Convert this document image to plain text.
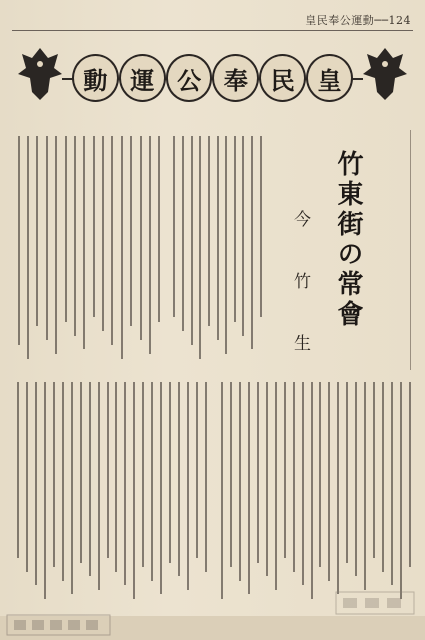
皇民奉公運動──124
皇
民
奉
公
運
動
竹東街の常會
今　竹　生
